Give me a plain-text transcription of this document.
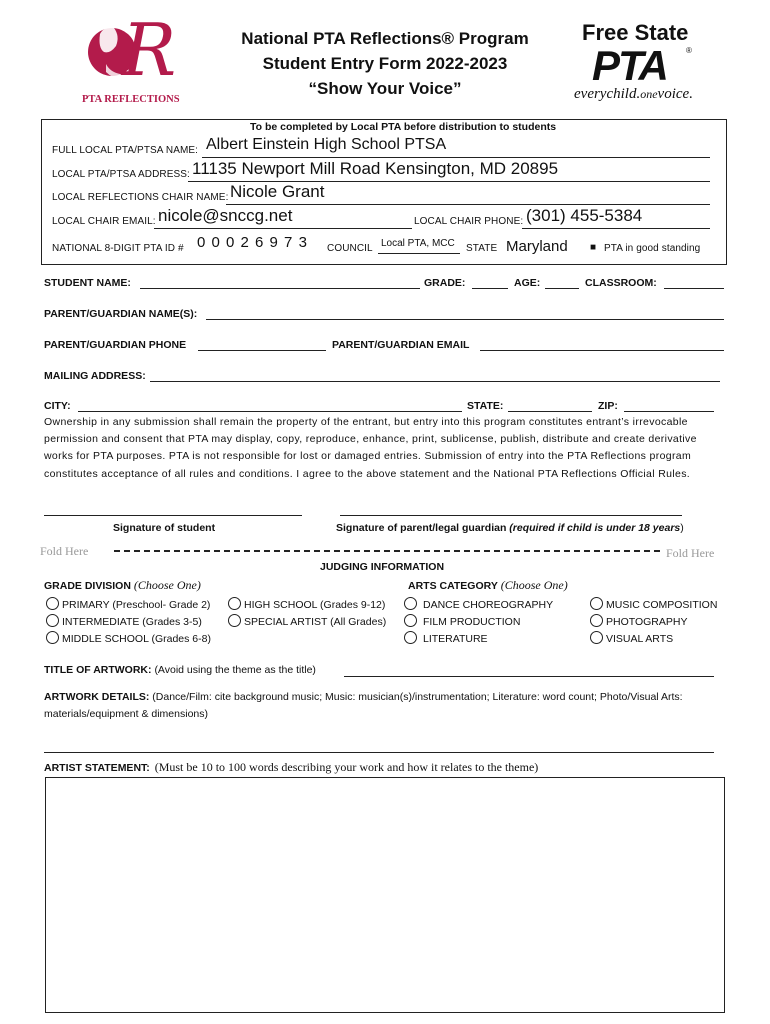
R
PTA REFLECTIONS
National PTA Reflections® Program
Student Entry Form 2022-2023
“Show Your Voice”
Free State
PTA ®
everychild.onevoice.
To be completed by Local PTA before distribution to students
FULL LOCAL PTA/PTSA NAME: Albert Einstein High School PTSA
LOCAL PTA/PTSA ADDRESS: 11135 Newport Mill Road Kensington, MD 20895
LOCAL REFLECTIONS CHAIR NAME: Nicole Grant
LOCAL CHAIR EMAIL: nicole@snccg.net	LOCAL CHAIR PHONE: (301) 455-5384
NATIONAL 8-DIGIT PTA ID # 0 0 0 2 6 9 7 3 COUNCIL Local PTA, MCC STATE Maryland ■ PTA in good standing
STUDENT NAME:	GRADE:	AGE:	CLASSROOM:
PARENT/GUARDIAN NAME(S):
PARENT/GUARDIAN PHONE	PARENT/GUARDIAN EMAIL
MAILING ADDRESS:
CITY:	STATE:	ZIP:
Ownership in any submission shall remain the property of the entrant, but entry into this program constitutes entrant’s irrevocable permission and consent that PTA may display, copy, reproduce, enhance, print, sublicense, publish, distribute and create derivative works for PTA purposes. PTA is not responsible for lost or damaged entries. Submission of entry into the PTA Reflections program constitutes acceptance of all rules and conditions. I agree to the above statement and the National PTA Reflections Official Rules.
Signature of student	Signature of parent/legal guardian (required if child is under 18 years)
Fold Here	Fold Here
JUDGING INFORMATION
GRADE DIVISION (Choose One)	ARTS CATEGORY (Choose One)
PRIMARY (Preschool- Grade 2)
INTERMEDIATE (Grades 3-5)
MIDDLE SCHOOL (Grades 6-8)
HIGH SCHOOL (Grades 9-12)
SPECIAL ARTIST (All Grades)
DANCE CHOREOGRAPHY
FILM PRODUCTION
LITERATURE
MUSIC COMPOSITION
PHOTOGRAPHY
VISUAL ARTS
TITLE OF ARTWORK: (Avoid using the theme as the title)
ARTWORK DETAILS: (Dance/Film: cite background music; Music: musician(s)/instrumentation; Literature: word count; Photo/Visual Arts: materials/equipment & dimensions)
ARTIST STATEMENT: (Must be 10 to 100 words describing your work and how it relates to the theme)
